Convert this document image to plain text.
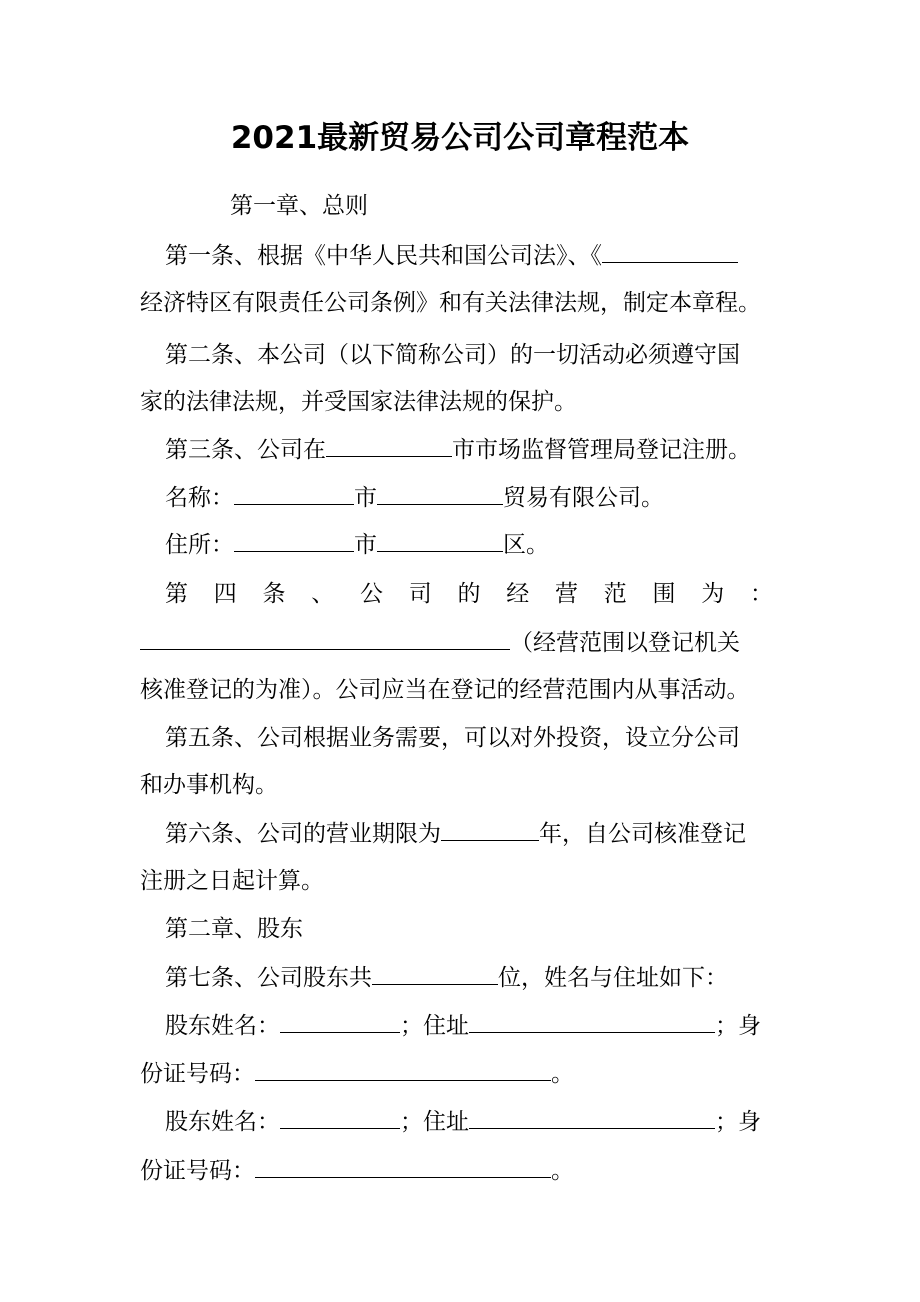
2021最新贸易公司公司章程范本
第一章、总则
第一条、根据《中华人民共和国公司法》、《
经济特区有限责任公司条例》和有关法律法规，制定本章程。
第二条、本公司（以下简称公司）的一切活动必须遵守国
家的法律法规，并受国家法律法规的保护。
第三条、公司在	市市场监督管理局登记注册。
名称：	市	贸易有限公司。
住所：	市	区。
第 四 条 、 公 司 的 经 营 范 围 为 ：
（经营范围以登记机关
核准登记的为准）。公司应当在登记的经营范围内从事活动。
第五条、公司根据业务需要，可以对外投资，设立分公司
和办事机构。
第六条、公司的营业期限为	年，自公司核准登记
注册之日起计算。
第二章、股东
第七条、公司股东共	位，姓名与住址如下：
股东姓名：	；住址	；身
份证号码：	。
股东姓名：	；住址	；身
份证号码：	。
